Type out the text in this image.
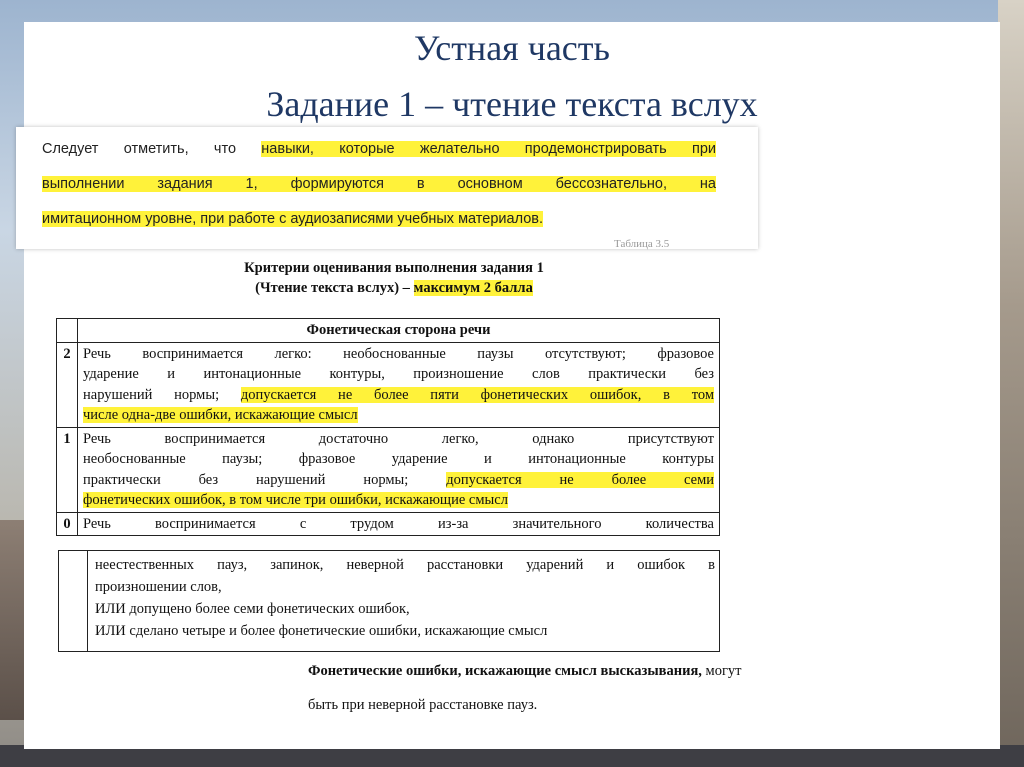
Устная часть
Задание 1 – чтение текста вслух
Следует отметить, что навыки, которые желательно продемонстрировать при
выполнении задания 1, формируются в основном бессознательно, на
имитационном уровне, при работе с аудиозаписями учебных материалов.
Таблица 3.5
Критерии оценивания выполнения задания 1
(Чтение текста вслух) – максимум 2 балла
	Фонетическая сторона речи
2	Речь воспринимается легко: необоснованные паузы отсутствуют; фразовое
ударение и интонационные контуры, произношение слов практически без
нарушений нормы; допускается не более пяти фонетических ошибок, в том
числе одна-две ошибки, искажающие смысл

1	Речь воспринимается достаточно легко, однако присутствуют
необоснованные паузы; фразовое ударение и интонационные контуры
практически без нарушений нормы; допускается не более семи
фонетических ошибок, в том числе три ошибки, искажающие смысл

0	Речь воспринимается с трудом из-за значительного количества
неестественных пауз, запинок, неверной расстановки ударений и ошибок в
произношении слов,
ИЛИ допущено более семи фонетических ошибок,
ИЛИ сделано четыре и более фонетические ошибки, искажающие смысл
Фонетические ошибки, искажающие смысл высказывания, могут
быть при неверной расстановке пауз.
